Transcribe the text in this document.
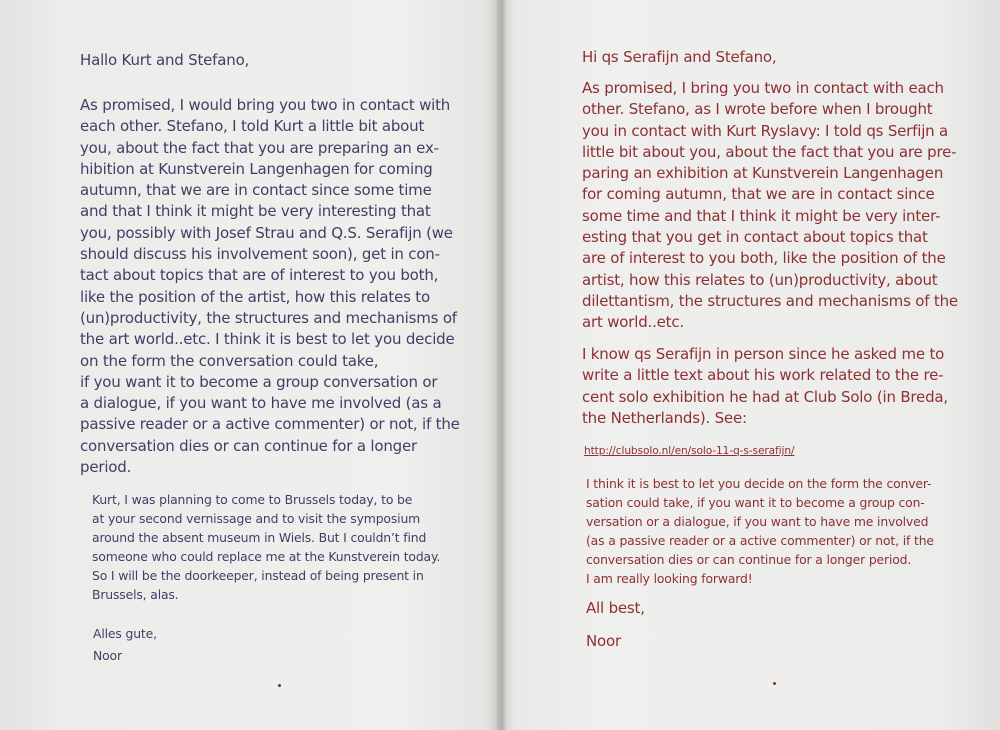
Hallo Kurt and Stefano,

As promised, I would bring you two in contact with
each other. Stefano, I told Kurt a little bit about
you, about the fact that you are preparing an ex-
hibition at Kunstverein Langenhagen for coming
autumn, that we are in contact since some time
and that I think it might be very interesting that
you, possibly with Josef Strau and Q.S. Serafijn (we
should discuss his involvement soon), get in con-
tact about topics that are of interest to you both,
like the position of the artist, how this relates to
(un)productivity, the structures and mechanisms of
the art world..etc. I think it is best to let you decide
on the form the conversation could take,
if you want it to become a group conversation or
a dialogue, if you want to have me involved (as a
passive reader or a active commenter) or not, if the
conversation dies or can continue for a longer
period.

Kurt, I was planning to come to Brussels today, to be
at your second vernissage and to visit the symposium
around the absent museum in Wiels. But I couldn’t find
someone who could replace me at the Kunstverein today.
So I will be the doorkeeper, instead of being present in
Brussels, alas.

Alles gute,

Noor

Hi qs Serafijn and Stefano,

As promised, I bring you two in contact with each
other. Stefano, as I wrote before when I brought
you in contact with Kurt Ryslavy: I told qs Serfijn a
little bit about you, about the fact that you are pre-
paring an exhibition at Kunstverein Langenhagen
for coming autumn, that we are in contact since
some time and that I think it might be very inter-
esting that you get in contact about topics that
are of interest to you both, like the position of the
artist, how this relates to (un)productivity, about
dilettantism, the structures and mechanisms of the
art world..etc.

I know qs Serafijn in person since he asked me to
write a little text about his work related to the re-
cent solo exhibition he had at Club Solo (in Breda,
the Netherlands). See:

http://clubsolo.nl/en/solo-11-q-s-serafijn/

I think it is best to let you decide on the form the conver-
sation could take, if you want it to become a group con-
versation or a dialogue, if you want to have me involved
(as a passive reader or a active commenter) or not, if the
conversation dies or can continue for a longer period.
I am really looking forward!

All best,

Noor
